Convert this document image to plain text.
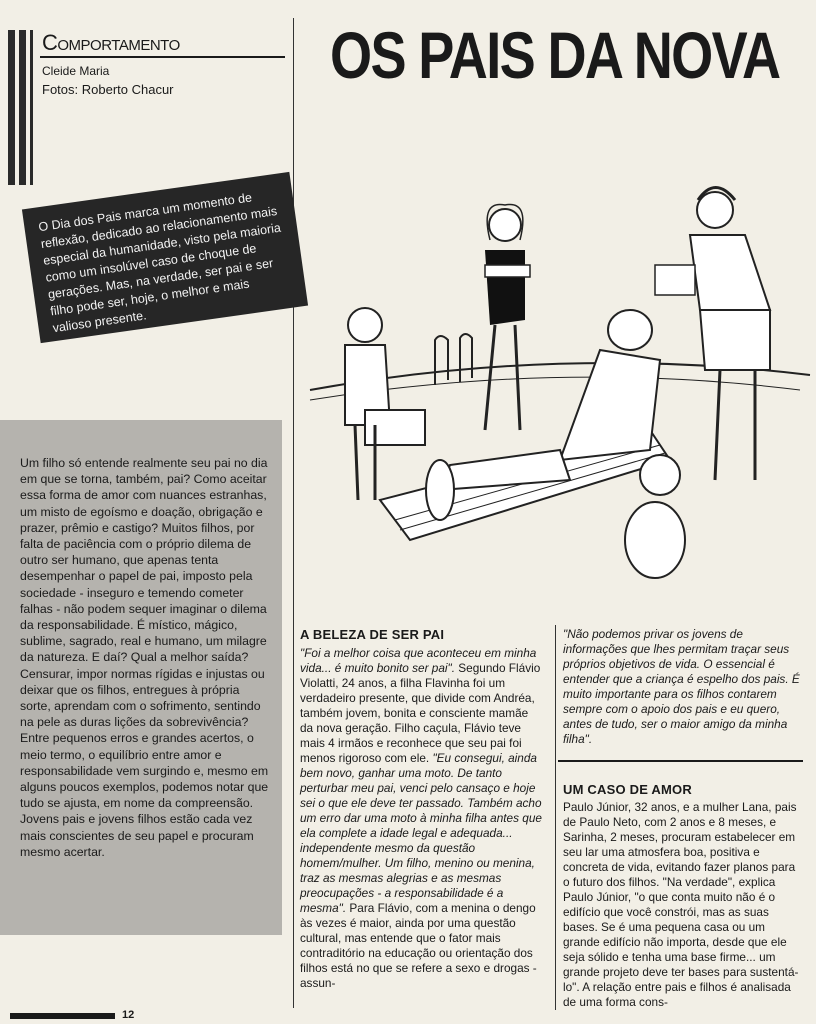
Comportamento
Cleide Maria
Fotos: Roberto Chacur OS PAIS DA NOVA
O Dia dos Pais marca um momento de reflexão, dedicado ao relacionamento mais especial da humanidade, visto pela maioria como um insolúvel caso de choque de gerações. Mas, na verdade, ser pai e ser filho pode ser, hoje, o melhor e mais valioso presente.
Um filho só entende realmente seu pai no dia em que se torna, também, pai? Como aceitar essa forma de amor com nuances estranhas, um misto de egoísmo e doação, obrigação e prazer, prêmio e castigo? Muitos filhos, por falta de paciência com o próprio dilema de outro ser humano, que apenas tenta desempenhar o papel de pai, imposto pela sociedade - inseguro e temendo cometer falhas - não podem sequer imaginar o dilema da responsabilidade. É místico, mágico, sublime, sagrado, real e humano, um milagre da natureza. E daí? Qual a melhor saída? Censurar, impor normas rígidas e injustas ou deixar que os filhos, entregues à própria sorte, aprendam com o sofrimento, sentindo na pele as duras lições da sobrevivência? Entre pequenos erros e grandes acertos, o meio termo, o equilíbrio entre amor e responsabilidade vem surgindo e, mesmo em alguns poucos exemplos, podemos notar que tudo se ajusta, em nome da compreensão. Jovens pais e jovens filhos estão cada vez mais conscientes de seu papel e procuram mesmo acertar.
A BELEZA DE SER PAI
"Foi a melhor coisa que aconteceu em minha vida... é muito bonito ser pai". Segundo Flávio Violatti, 24 anos, a filha Flavinha foi um verdadeiro presente, que divide com Andréa, também jovem, bonita e consciente mamãe da nova geração. Filho caçula, Flávio teve mais 4 irmãos e reconhece que seu pai foi menos rigoroso com ele. "Eu consegui, ainda bem novo, ganhar uma moto. De tanto perturbar meu pai, venci pelo cansaço e hoje sei o que ele deve ter passado. Também acho um erro dar uma moto à minha filha antes que ela complete a idade legal e adequada... independente mesmo da questão homem/mulher. Um filho, menino ou menina, traz as mesmas alegrias e as mesmas preocupações - a responsabilidade é a mesma". Para Flávio, com a menina o dengo às vezes é maior, ainda por uma questão cultural, mas entende que o fator mais contraditório na educação ou orientação dos filhos está no que se refere a sexo e drogas - assun-
"Não podemos privar os jovens de informações que lhes permitam traçar seus próprios objetivos de vida. O essencial é entender que a criança é espelho dos pais. É muito importante para os filhos contarem sempre com o apoio dos pais e eu quero, antes de tudo, ser o maior amigo da minha filha".
UM CASO DE AMOR
Paulo Júnior, 32 anos, e a mulher Lana, pais de Paulo Neto, com 2 anos e 8 meses, e Sarinha, 2 meses, procuram estabelecer em seu lar uma atmosfera boa, positiva e concreta de vida, evitando fazer planos para o futuro dos filhos. "Na verdade", explica Paulo Júnior, "o que conta muito não é o edifício que você constrói, mas as suas bases. Se é uma pequena casa ou um grande edifício não importa, desde que ele seja sólido e tenha uma base firme... um grande projeto deve ter bases para sustentá-lo". A relação entre pais e filhos é analisada de uma forma cons-
12
